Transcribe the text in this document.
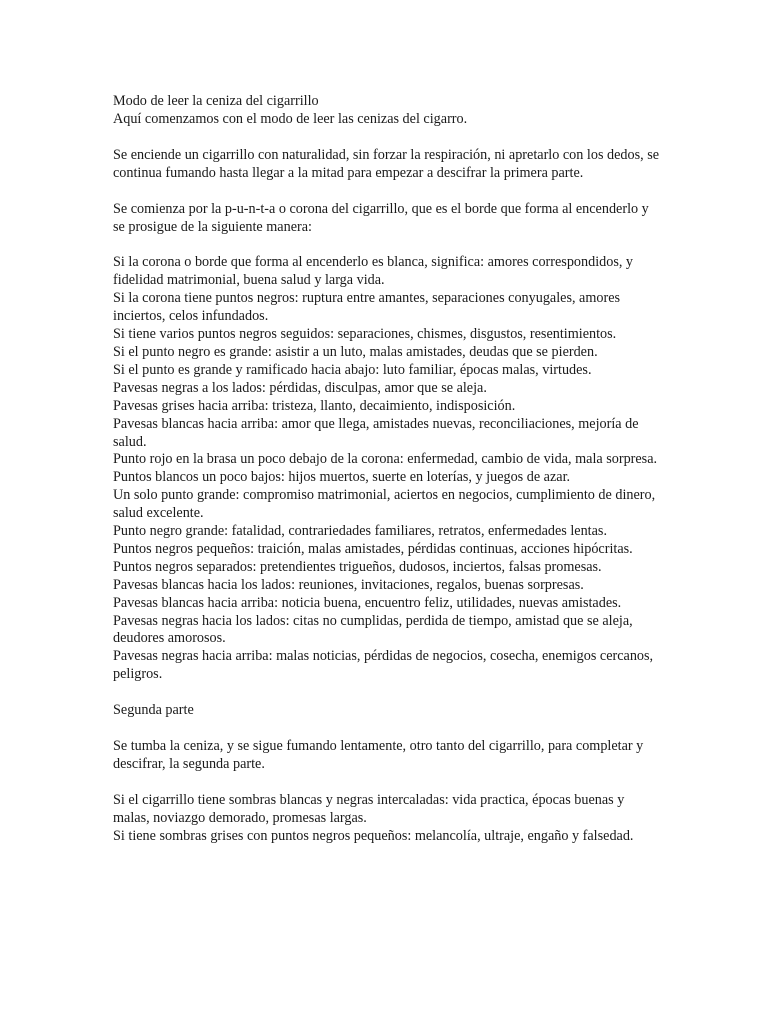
Modo de leer la ceniza del cigarrillo

Aquí comenzamos con el modo de leer las cenizas del cigarro.

Se enciende un cigarrillo con naturalidad, sin forzar la respiración, ni apretarlo con los dedos, se continua fumando hasta llegar a la mitad para empezar a descifrar la primera parte.

Se comienza por la p-u-n-t-a o corona del cigarrillo, que es el borde que forma al encenderlo y se prosigue de la siguiente manera:

Si la corona o borde que forma al encenderlo es blanca, significa: amores correspondidos, y fidelidad matrimonial, buena salud y larga vida.

Si la corona tiene puntos negros: ruptura entre amantes, separaciones conyugales, amores inciertos, celos infundados.

Si tiene varios puntos negros seguidos: separaciones, chismes, disgustos, resentimientos.

Si el punto negro es grande: asistir a un luto, malas amistades, deudas que se pierden.

Si el punto es grande y ramificado hacia abajo: luto familiar, épocas malas, virtudes.

Pavesas negras a los lados: pérdidas, disculpas, amor que se aleja.

Pavesas grises hacia arriba: tristeza, llanto, decaimiento, indisposición.

Pavesas blancas hacia arriba: amor que llega, amistades nuevas, reconciliaciones, mejoría de salud.

Punto rojo en la brasa un poco debajo de la corona: enfermedad, cambio de vida, mala sorpresa.

Puntos blancos un poco bajos: hijos muertos, suerte en loterías, y juegos de azar.

Un solo punto grande: compromiso matrimonial, aciertos en negocios, cumplimiento de dinero, salud excelente.

Punto negro grande: fatalidad, contrariedades familiares, retratos, enfermedades lentas.

Puntos negros pequeños: traición, malas amistades, pérdidas continuas, acciones hipócritas.

Puntos negros separados: pretendientes trigueños, dudosos, inciertos, falsas promesas.

Pavesas blancas hacia los lados: reuniones, invitaciones, regalos, buenas sorpresas.

Pavesas blancas hacia arriba: noticia buena, encuentro feliz, utilidades, nuevas amistades.

Pavesas negras hacia los lados: citas no cumplidas, perdida de tiempo, amistad que se aleja, deudores amorosos.

Pavesas negras hacia arriba: malas noticias, pérdidas de negocios, cosecha, enemigos cercanos, peligros.

Segunda parte

Se tumba la ceniza, y se sigue fumando lentamente, otro tanto del cigarrillo, para completar y descifrar, la segunda parte.

Si el cigarrillo tiene sombras blancas y negras intercaladas: vida practica, épocas buenas y malas, noviazgo demorado, promesas largas.

Si tiene sombras grises con puntos negros pequeños: melancolía, ultraje, engaño y falsedad.
